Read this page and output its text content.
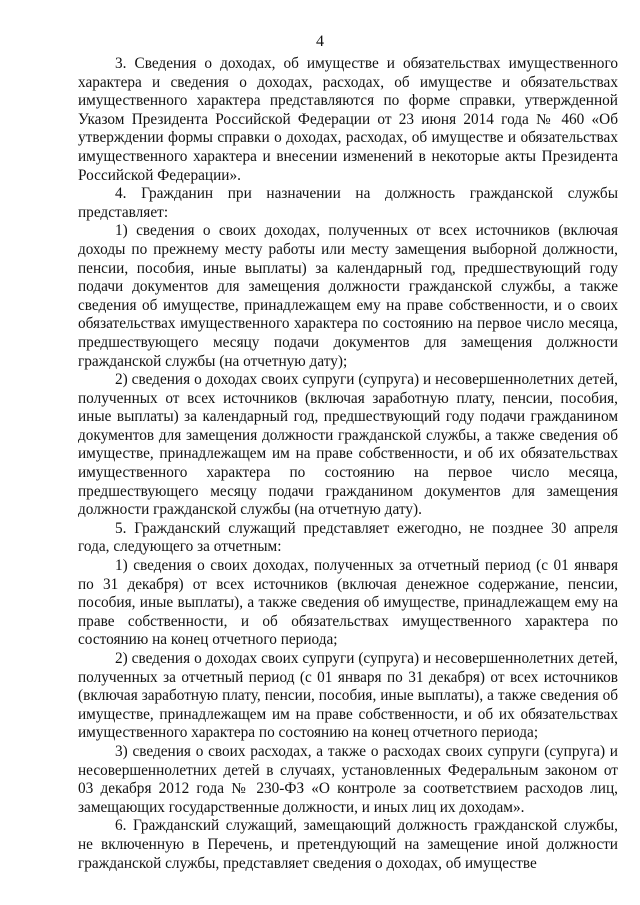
4

3. Сведения о доходах, об имуществе и обязательствах имущественного характера и сведения о доходах, расходах, об имуществе и обязательствах имущественного характера представляются по форме справки, утвержденной Указом Президента Российской Федерации от 23 июня 2014 года № 460 «Об утверждении формы справки о доходах, расходах, об имуществе и обязательствах имущественного характера и внесении изменений в некоторые акты Президента Российской Федерации».

4. Гражданин при назначении на должность гражданской службы представляет:

1) сведения о своих доходах, полученных от всех источников (включая доходы по прежнему месту работы или месту замещения выборной должности, пенсии, пособия, иные выплаты) за календарный год, предшествующий году подачи документов для замещения должности гражданской службы, а также сведения об имуществе, принадлежащем ему на праве собственности, и о своих обязательствах имущественного характера по состоянию на первое число месяца, предшествующего месяцу подачи документов для замещения должности гражданской службы (на отчетную дату);

2) сведения о доходах своих супруги (супруга) и несовершеннолетних детей, полученных от всех источников (включая заработную плату, пенсии, пособия, иные выплаты) за календарный год, предшествующий году подачи гражданином документов для замещения должности гражданской службы, а также сведения об имуществе, принадлежащем им на праве собственности, и об их обязательствах имущественного характера по состоянию на первое число месяца, предшествующего месяцу подачи гражданином документов для замещения должности гражданской службы (на отчетную дату).

5. Гражданский служащий представляет ежегодно, не позднее 30 апреля года, следующего за отчетным:

1) сведения о своих доходах, полученных за отчетный период (с 01 января по 31 декабря) от всех источников (включая денежное содержание, пенсии, пособия, иные выплаты), а также сведения об имуществе, принадлежащем ему на праве собственности, и об обязательствах имущественного характера по состоянию на конец отчетного периода;

2) сведения о доходах своих супруги (супруга) и несовершеннолетних детей, полученных за отчетный период (с 01 января по 31 декабря) от всех источников (включая заработную плату, пенсии, пособия, иные выплаты), а также сведения об имуществе, принадлежащем им на праве собственности, и об их обязательствах имущественного характера по состоянию на конец отчетного периода;

3) сведения о своих расходах, а также о расходах своих супруги (супруга) и несовершеннолетних детей в случаях, установленных Федеральным законом от 03 декабря 2012 года № 230-ФЗ «О контроле за соответствием расходов лиц, замещающих государственные должности, и иных лиц их доходам».

6. Гражданский служащий, замещающий должность гражданской службы, не включенную в Перечень, и претендующий на замещение иной должности гражданской службы, представляет сведения о доходах, об имуществе
